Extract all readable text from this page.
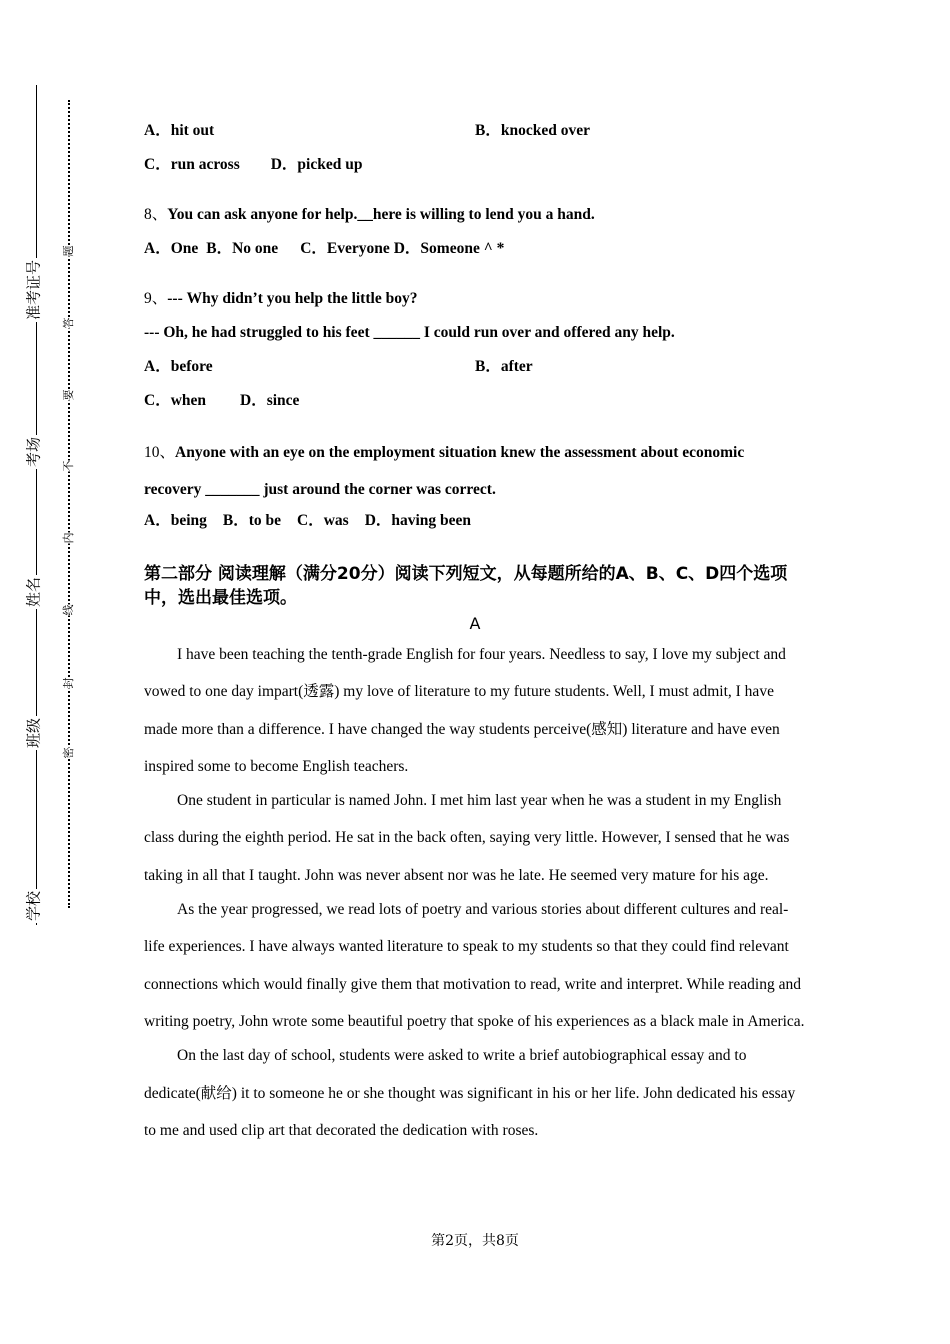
准考证号
考场
姓名
班级
学校
题
答
要
不
内
线
封
密
A．hit out	B．knocked over
C．run across D．picked up
8、You can ask anyone for help.__here is willing to lend you a hand.
A．One B．No one C．Everyone D．Someone ^ *
9、--- Why didn’t you help the little boy?
--- Oh, he had struggled to his feet ______ I could run over and offered any help.
A．before	B．after
C．when D．since
10、Anyone with an eye on the employment situation knew the assessment about economic
recovery _______ just around the corner was correct.
A．being B．to be C．was D．having been
第二部分 阅读理解（满分20分）阅读下列短文，从每题所给的A、B、C、D四个选项中，选出最佳选项。
A

I have been teaching the tenth-grade English for four years. Needless to say, I love my subject and vowed to one day impart(透露) my love of literature to my future students. Well, I must admit, I have made more than a difference. I have changed the way students perceive(感知) literature and have even inspired some to become English teachers.

One student in particular is named John. I met him last year when he was a student in my English class during the eighth period. He sat in the back often, saying very little. However, I sensed that he was taking in all that I taught. John was never absent nor was he late. He seemed very mature for his age.

As the year progressed, we read lots of poetry and various stories about different cultures and real-life experiences. I have always wanted literature to speak to my students so that they could find relevant connections which would finally give them that motivation to read, write and interpret. While reading and writing poetry, John wrote some beautiful poetry that spoke of his experiences as a black male in America.

On the last day of school, students were asked to write a brief autobiographical essay and to dedicate(献给) it to someone he or she thought was significant in his or her life. John dedicated his essay to me and used clip art that decorated the dedication with roses.

第2页，共8页
